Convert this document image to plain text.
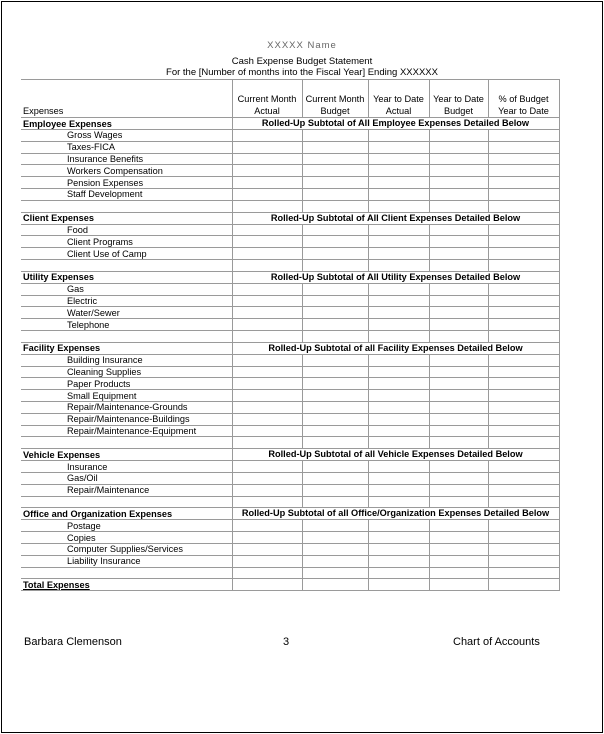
XXXXX Name
Cash Expense Budget Statement
For the [Number of months into the Fiscal Year] Ending XXXXXX
Expenses	Current Month Actual	Current Month Budget	Year to Date Actual	Year to Date Budget	% of Budget Year to Date
Employee Expenses	Rolled-Up Subtotal of All Employee Expenses Detailed Below				
Gross Wages					
Taxes-FICA					
Insurance Benefits					
Workers Compensation					
Pension Expenses					
Staff Development					

Client Expenses	Rolled-Up Subtotal of All Client Expenses Detailed Below				
Food					
Client Programs					
Client Use of Camp					

Utility Expenses	Rolled-Up Subtotal of All Utility Expenses Detailed Below				
Gas					
Electric					
Water/Sewer					
Telephone					

Facility Expenses	Rolled-Up Subtotal of all Facility Expenses Detailed Below				
Building Insurance					
Cleaning Supplies					
Paper Products					
Small Equipment					
Repair/Maintenance-Grounds					
Repair/Maintenance-Buildings					
Repair/Maintenance-Equipment					

Vehicle Expenses	Rolled-Up Subtotal of all Vehicle Expenses Detailed Below				
Insurance					
Gas/Oil					
Repair/Maintenance					

Office and Organization Expenses	Rolled-Up Subtotal of all Office/Organization Expenses Detailed Below				
Postage					
Copies					
Computer Supplies/Services					
Liability Insurance					

Total Expenses					
Barbara Clemenson	3	Chart of Accounts
